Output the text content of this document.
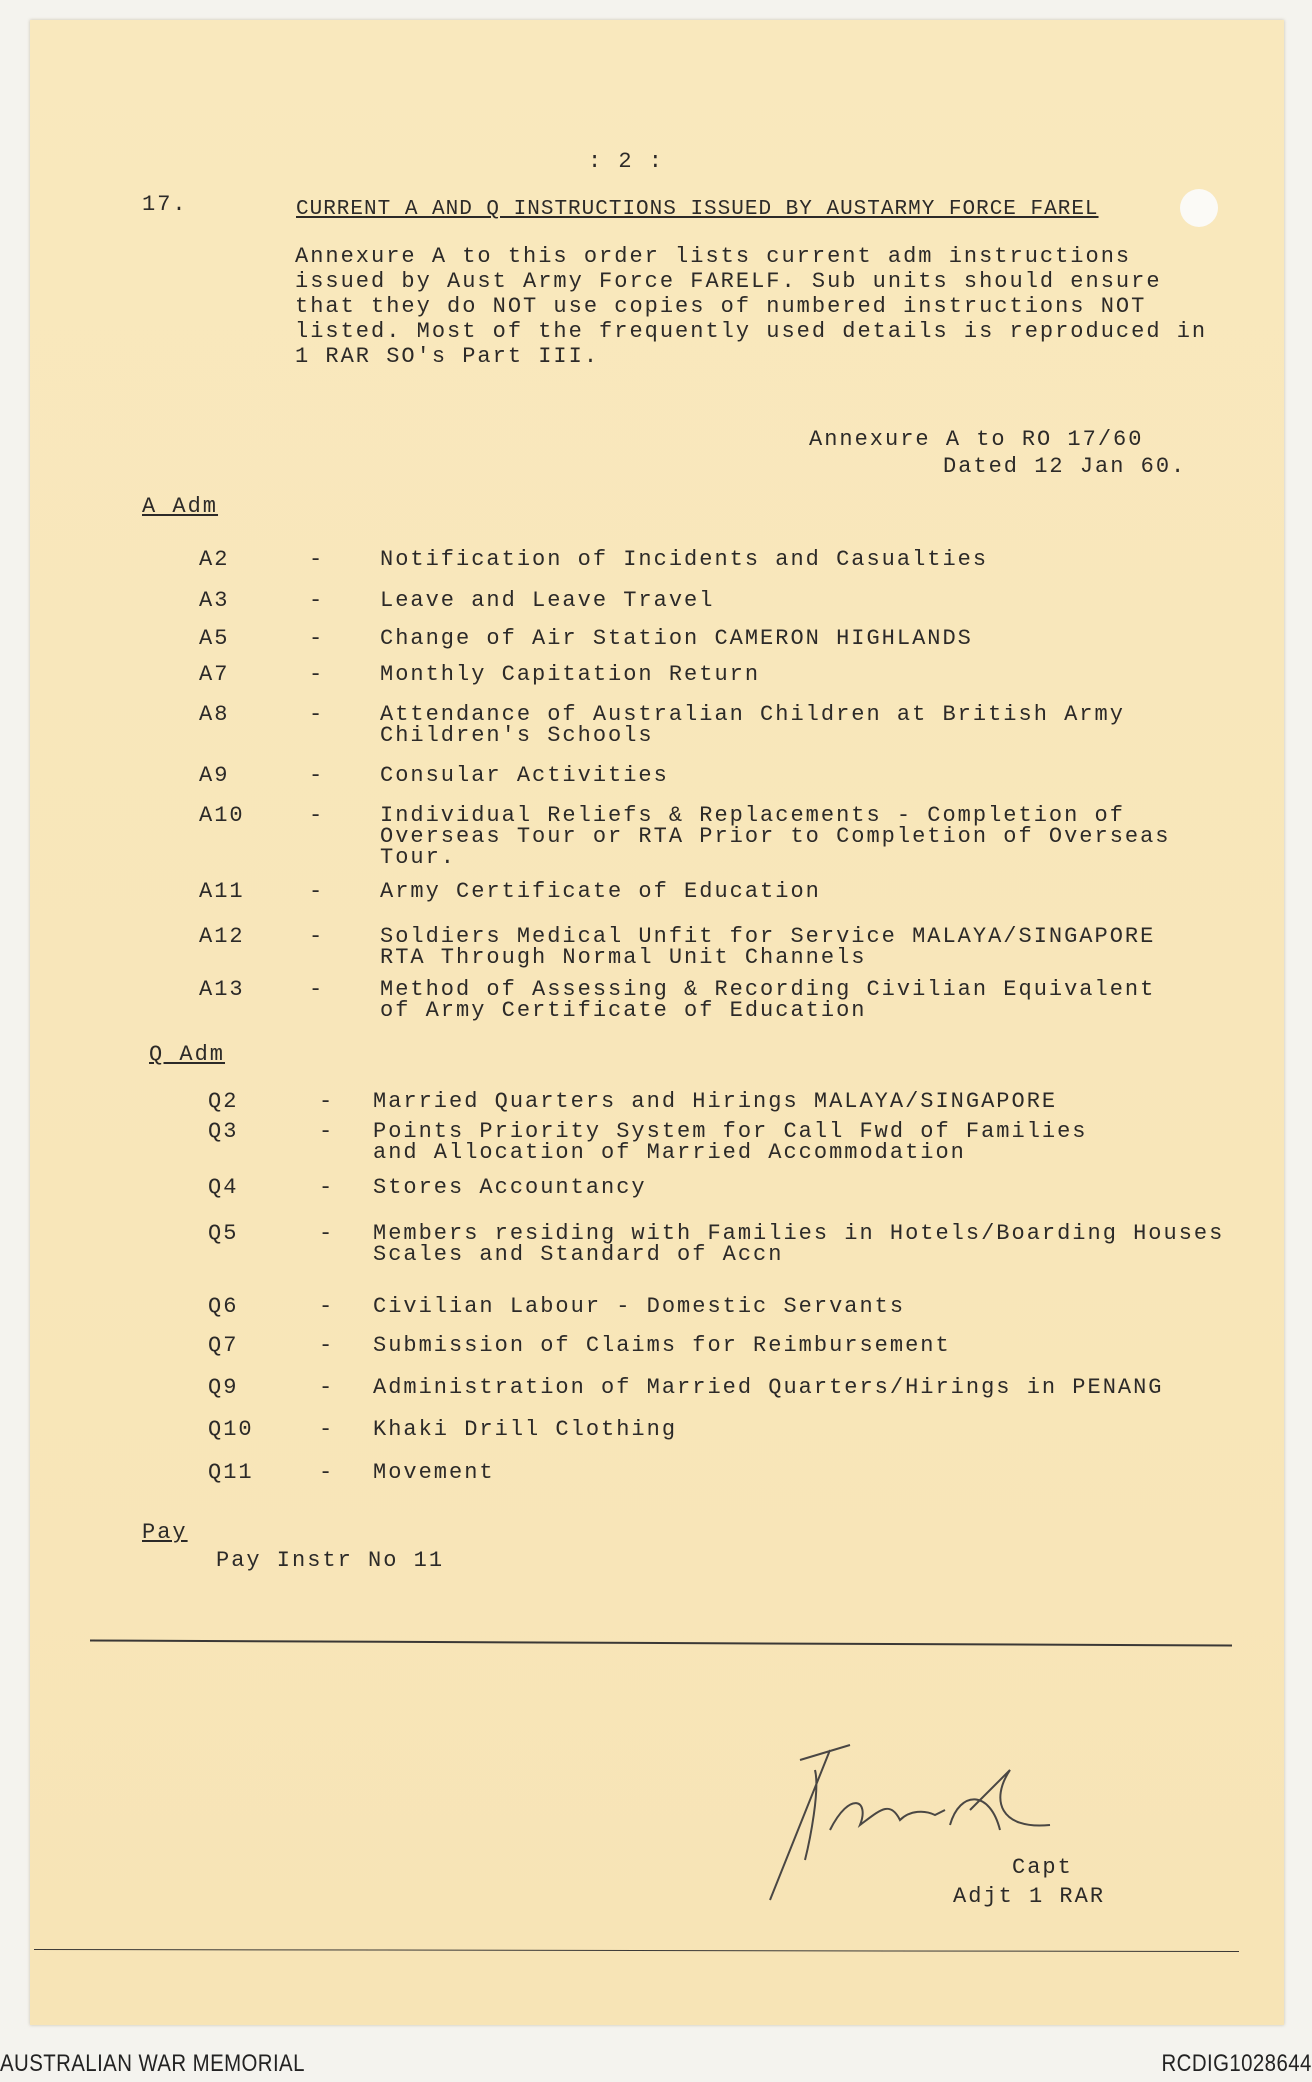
: 2 :
17.	CURRENT A AND Q INSTRUCTIONS ISSUED BY AUSTARMY FORCE FAREL
Annexure A to this order lists current adm instructions
issued by Aust Army Force FARELF. Sub units should ensure
that they do NOT use copies of numbered instructions NOT
listed. Most of the frequently used details is reproduced in
1 RAR SO's Part III.
Annexure A to RO 17/60
Dated 12 Jan 60.
A Adm
A2	-	Notification of Incidents and Casualties
A3	-	Leave and Leave Travel
A5	-	Change of Air Station CAMERON HIGHLANDS
A7	-	Monthly Capitation Return
A8	-	Attendance of Australian Children at British Army
Children's Schools
A9	-	Consular Activities
A10	-	Individual Reliefs & Replacements - Completion of
Overseas Tour or RTA Prior to Completion of Overseas
Tour.
A11	-	Army Certificate of Education
A12	-	Soldiers Medical Unfit for Service MALAYA/SINGAPORE
RTA Through Normal Unit Channels
A13	-	Method of Assessing & Recording Civilian Equivalent
of Army Certificate of Education
Q Adm
Q2	- Married Quarters and Hirings MALAYA/SINGAPORE
Q3	- Points Priority System for Call Fwd of Families
and Allocation of Married Accommodation
Q4	- Stores Accountancy
Q5	- Members residing with Families in Hotels/Boarding Houses
Scales and Standard of Accn
Q6	- Civilian Labour - Domestic Servants
Q7	- Submission of Claims for Reimbursement
Q9	- Administration of Married Quarters/Hirings in PENANG
Q10	- Khaki Drill Clothing
Q11	- Movement
Pay
Pay Instr No 11
Capt
Adjt 1 RAR
AUSTRALIAN WAR MEMORIAL	RCDIG1028644
